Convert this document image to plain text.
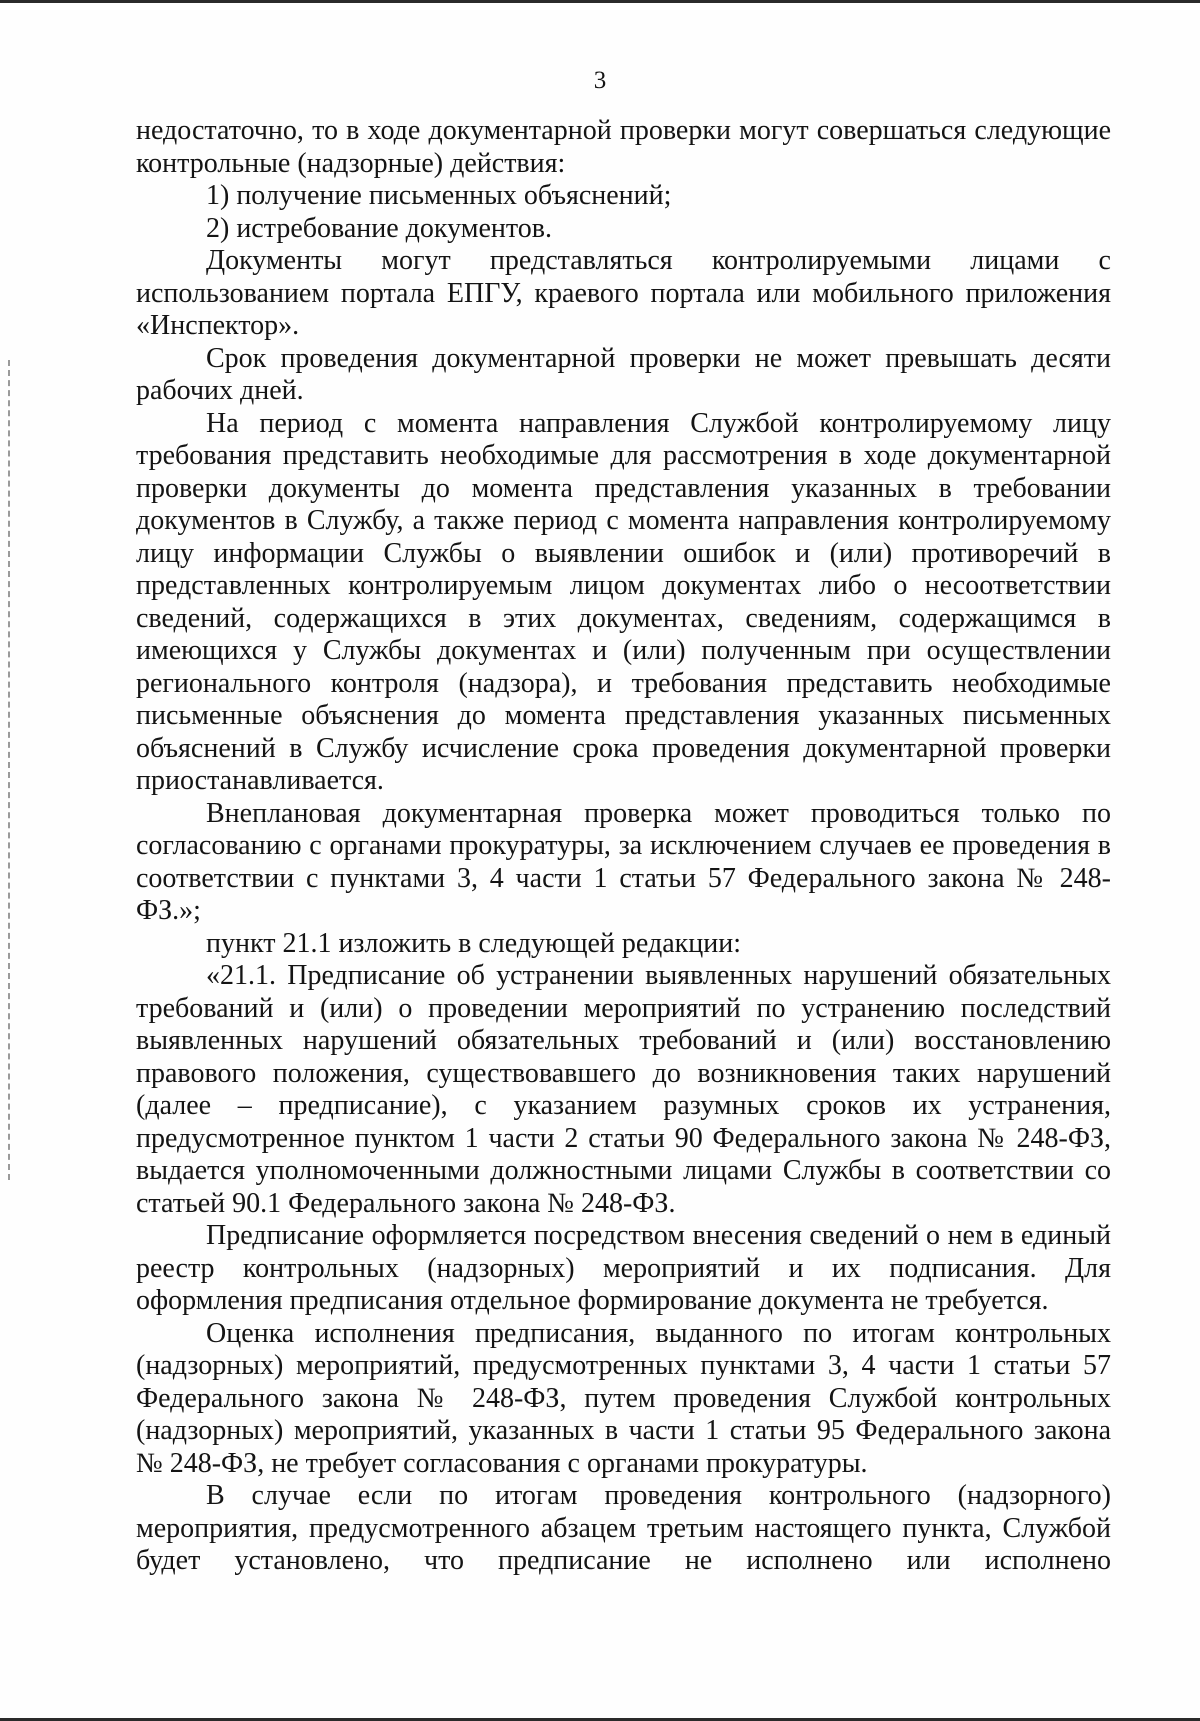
3

недостаточно, то в ходе документарной проверки могут совершаться следующие контрольные (надзорные) действия:

1) получение письменных объяснений;

2) истребование документов.

Документы могут представляться контролируемыми лицами с использованием портала ЕПГУ, краевого портала или мобильного приложения «Инспектор».

Срок проведения документарной проверки не может превышать десяти рабочих дней.

На период с момента направления Службой контролируемому лицу требования представить необходимые для рассмотрения в ходе документарной проверки документы до момента представления указанных в требовании документов в Службу, а также период с момента направления контролируемому лицу информации Службы о выявлении ошибок и (или) противоречий в представленных контролируемым лицом документах либо о несоответствии сведений, содержащихся в этих документах, сведениям, содержащимся в имеющихся у Службы документах и (или) полученным при осуществлении регионального контроля (надзора), и требования представить необходимые письменные объяснения до момента представления указанных письменных объяснений в Службу исчисление срока проведения документарной проверки приостанавливается.

Внеплановая документарная проверка может проводиться только по согласованию с органами прокуратуры, за исключением случаев ее проведения в соответствии с пунктами 3, 4 части 1 статьи 57 Федерального закона № 248-ФЗ.»;

пункт 21.1 изложить в следующей редакции:

«21.1. Предписание об устранении выявленных нарушений обязательных требований и (или) о проведении мероприятий по устранению последствий выявленных нарушений обязательных требований и (или) восстановлению правового положения, существовавшего до возникновения таких нарушений (далее – предписание), с указанием разумных сроков их устранения, предусмотренное пунктом 1 части 2 статьи 90 Федерального закона № 248-ФЗ, выдается уполномоченными должностными лицами Службы в соответствии со статьей 90.1 Федерального закона № 248-ФЗ.

Предписание оформляется посредством внесения сведений о нем в единый реестр контрольных (надзорных) мероприятий и их подписания. Для оформления предписания отдельное формирование документа не требуется.

Оценка исполнения предписания, выданного по итогам контрольных (надзорных) мероприятий, предусмотренных пунктами 3, 4 части 1 статьи 57 Федерального закона № 248-ФЗ, путем проведения Службой контрольных (надзорных) мероприятий, указанных в части 1 статьи 95 Федерального закона № 248-ФЗ, не требует согласования с органами прокуратуры.

В случае если по итогам проведения контрольного (надзорного) мероприятия, предусмотренного абзацем третьим настоящего пункта, Службой будет установлено, что предписание не исполнено или исполнено
